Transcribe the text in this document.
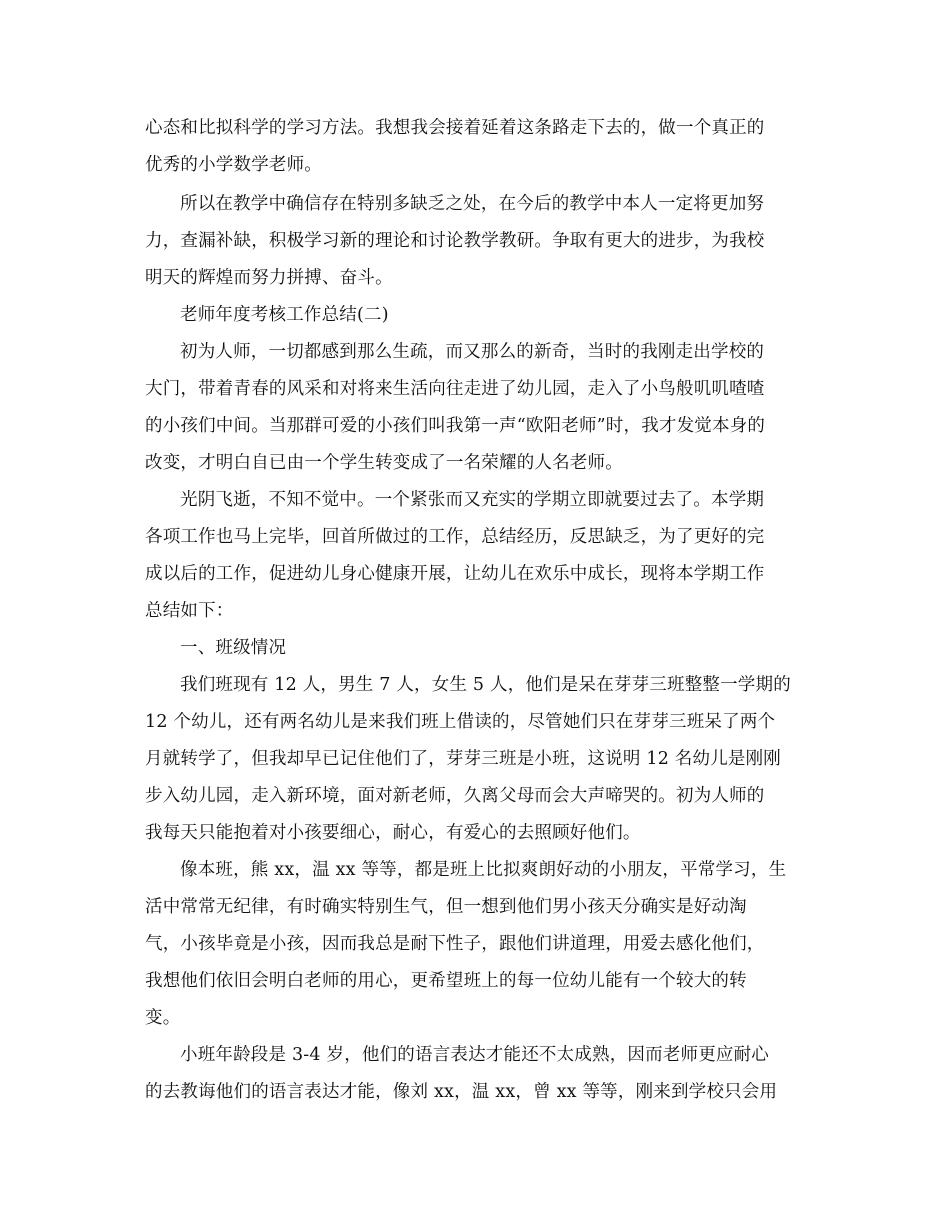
心态和比拟科学的学习方法。我想我会接着延着这条路走下去的，做一个真正的
优秀的小学数学老师。
所以在教学中确信存在特别多缺乏之处，在今后的教学中本人一定将更加努
力，查漏补缺，积极学习新的理论和讨论教学教研。争取有更大的进步，为我校
明天的辉煌而努力拼搏、奋斗。
老师年度考核工作总结(二)
初为人师，一切都感到那么生疏，而又那么的新奇，当时的我刚走出学校的
大门，带着青春的风采和对将来生活向往走进了幼儿园，走入了小鸟般叽叽喳喳
的小孩们中间。当那群可爱的小孩们叫我第一声“欧阳老师”时，我才发觉本身的
改变，才明白自已由一个学生转变成了一名荣耀的人名老师。
光阴飞逝，不知不觉中。一个紧张而又充实的学期立即就要过去了。本学期
各项工作也马上完毕，回首所做过的工作，总结经历，反思缺乏，为了更好的完
成以后的工作，促进幼儿身心健康开展，让幼儿在欢乐中成长，现将本学期工作
总结如下：
一、班级情况
我们班现有 12 人，男生 7 人，女生 5 人，他们是呆在芽芽三班整整一学期的
12 个幼儿，还有两名幼儿是来我们班上借读的，尽管她们只在芽芽三班呆了两个
月就转学了，但我却早已记住他们了，芽芽三班是小班，这说明 12 名幼儿是刚刚
步入幼儿园，走入新环境，面对新老师，久离父母而会大声啼哭的。初为人师的
我每天只能抱着对小孩要细心，耐心，有爱心的去照顾好他们。
像本班，熊 xx，温 xx 等等，都是班上比拟爽朗好动的小朋友，平常学习，生
活中常常无纪律，有时确实特别生气，但一想到他们男小孩天分确实是好动淘
气，小孩毕竟是小孩，因而我总是耐下性子，跟他们讲道理，用爱去感化他们，
我想他们依旧会明白老师的用心，更希望班上的每一位幼儿能有一个较大的转
变。
小班年龄段是 3-4 岁，他们的语言表达才能还不太成熟，因而老师更应耐心
的去教诲他们的语言表达才能，像刘 xx，温 xx，曾 xx 等等，刚来到学校只会用
